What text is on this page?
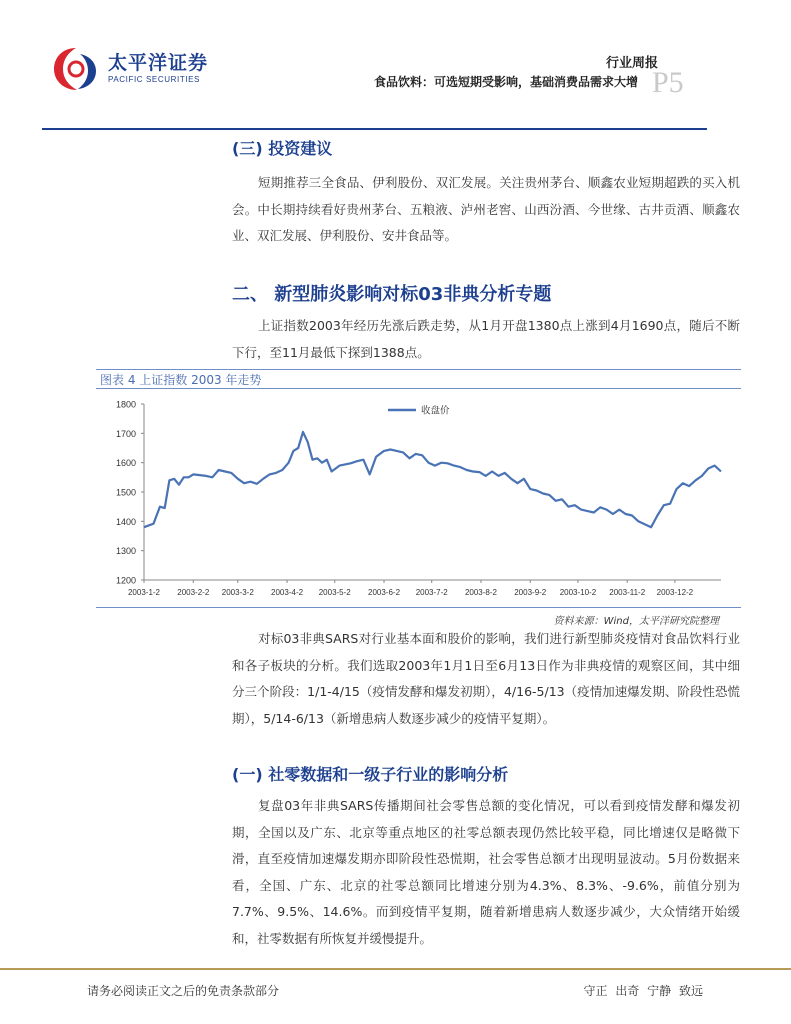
太平洋证券
PACIFIC SECURITIES
行业周报
食品饮料：可选短期受影响，基础消费品需求大增 P5
(三) 投资建议

短期推荐三全食品、伊利股份、双汇发展。关注贵州茅台、顺鑫农业短期超跌的买入机会。中长期持续看好贵州茅台、五粮液、泸州老窖、山西汾酒、今世缘、古井贡酒、顺鑫农业、双汇发展、伊利股份、安井食品等。

二、 新型肺炎影响对标03非典分析专题

上证指数2003年经历先涨后跌走势，从1月开盘1380点上涨到4月1690点，随后不断下行，至11月最低下探到1388点。

图表 4 上证指数 2003 年走势
1200
1300
1400
1500
1600
1700
1800
2003-1-2 2003-2-2 2003-3-2 2003-4-2 2003-5-2 2003-6-2 2003-7-2 2003-8-2 2003-9-2 2003-10-2 2003-11-2 2003-12-2
收盘价
资料来源：Wind，太平洋研究院整理

对标03非典SARS对行业基本面和股价的影响，我们进行新型肺炎疫情对食品饮料行业和各子板块的分析。我们选取2003年1月1日至6月13日作为非典疫情的观察区间，其中细分三个阶段：1/1-4/15（疫情发酵和爆发初期），4/16-5/13（疫情加速爆发期、阶段性恐慌期），5/14-6/13（新增患病人数逐步减少的疫情平复期）。

(一) 社零数据和一级子行业的影响分析

复盘03年非典SARS传播期间社会零售总额的变化情况，可以看到疫情发酵和爆发初期，全国以及广东、北京等重点地区的社零总额表现仍然比较平稳，同比增速仅是略微下滑，直至疫情加速爆发期亦即阶段性恐慌期，社会零售总额才出现明显波动。5月份数据来看，全国、广东、北京的社零总额同比增速分别为4.3%、8.3%、-9.6%，前值分别为7.7%、9.5%、14.6%。而到疫情平复期，随着新增患病人数逐步减少，大众情绪开始缓和，社零数据有所恢复并缓慢提升。

请务必阅读正文之后的免责条款部分	守正 出奇 宁静 致远
